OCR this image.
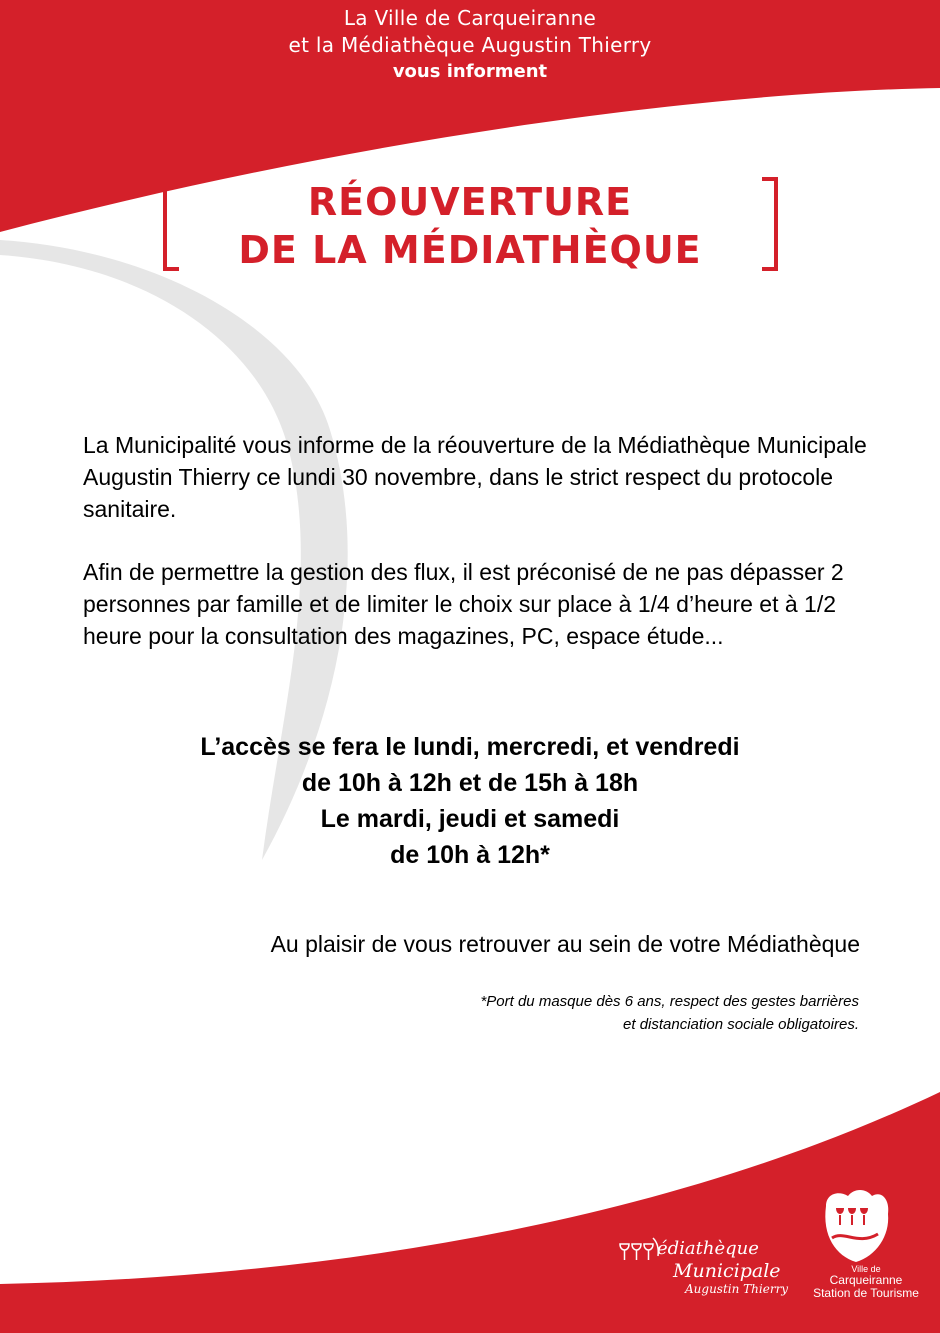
La Ville de Carqueiranne
et la Médiathèque Augustin Thierry
vous informent
RÉOUVERTURE
DE LA MÉDIATHÈQUE

La Municipalité vous informe de la réouverture de la Médiathèque Municipale Augustin Thierry ce lundi 30 novembre, dans le strict respect du protocole sanitaire.

Afin de permettre la gestion des flux, il est préconisé de ne pas dépasser 2 personnes par famille et de limiter le choix sur place à 1/4 d’heure et à 1/2 heure pour la consultation des magazines, PC, espace étude...

L’accès se fera le lundi, mercredi, et vendredi
de 10h à 12h et de 15h à 18h
Le mardi, jeudi et samedi
de 10h à 12h*
Au plaisir de vous retrouver au sein de votre Médiathèque
*Port du masque dès 6 ans, respect des gestes barrières
et distanciation sociale obligatoires.
édiathèque
Municipale
Augustin Thierry
Ville de
Carqueiranne
Station de Tourisme
